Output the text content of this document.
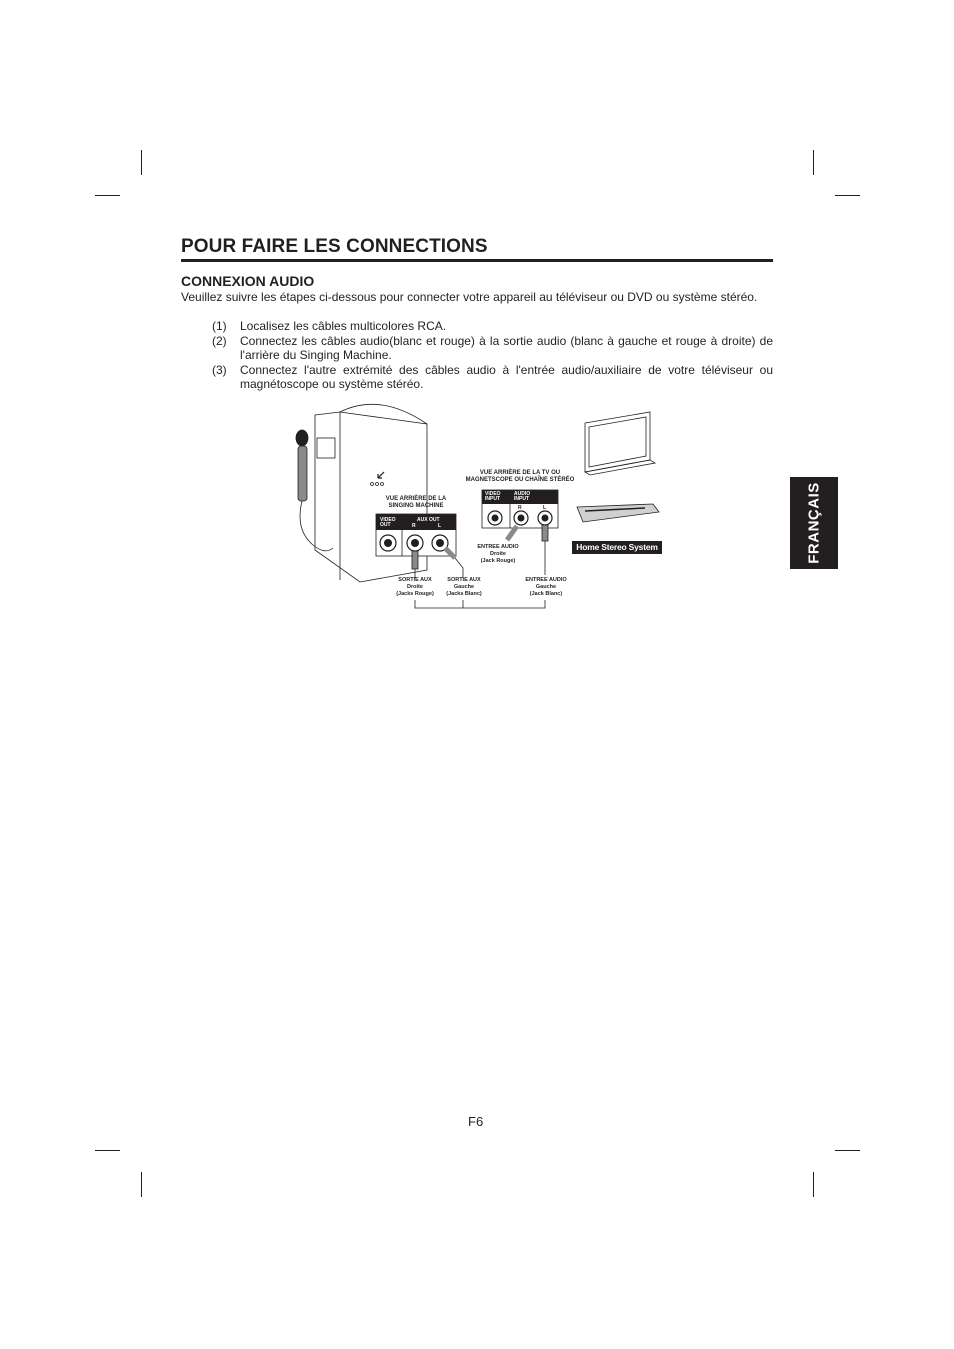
POUR FAIRE LES CONNECTIONS
CONNEXION AUDIO
Veuillez suivre les étapes ci-dessous pour connecter votre appareil au téléviseur ou DVD ou système stéréo.
(1)	Localisez les câbles multicolores RCA.
(2)	Connectez les câbles audio(blanc et rouge) à la sortie audio (blanc à gauche et rouge à droite) de l'arrière du Singing Machine.
(3)	Connectez l'autre extrémité des câbles audio à l'entrée audio/auxiliaire de votre téléviseur ou magnétoscope ou système stéréo.
FRANÇAIS
VUE ARRIÈRE DE LA
SINGING MACHINE
VUE ARRIÈRE DE LA TV OU
MAGNETSCOPE OU CHAÎNE STÉRÉO
VIDEO
OUT
AUX OUT
R	L
VIDEO
INPUT
AUDIO
INPUT
R	L
ENTREE AUDIO
Droite
(Jack Rouge)
SORTIE AUX
Droite
(Jacks Rouge)
SORTIE AUX
Gauche
(Jacks Blanc)
ENTREE AUDIO
Gauche
(Jack Blanc)
Home Stereo System
F6
